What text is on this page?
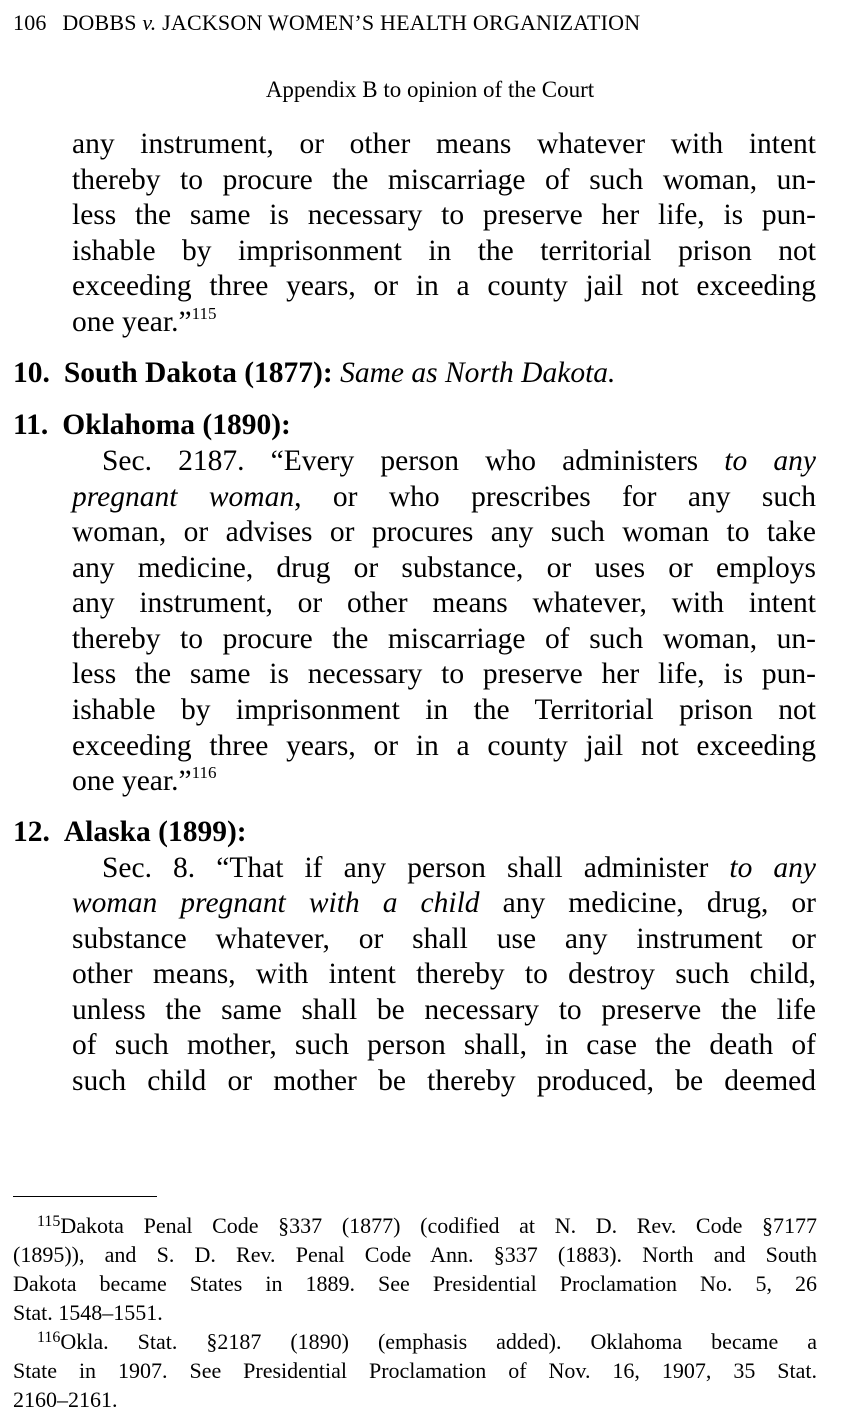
106 DOBBS v. JACKSON WOMEN’S HEALTH ORGANIZATION
Appendix B to opinion of the Court
any instrument, or other means whatever with intent
thereby to procure the miscarriage of such woman, un-
less the same is necessary to preserve her life, is pun-
ishable by imprisonment in the territorial prison not
exceeding three years, or in a county jail not exceeding
one year.”$^{115}$
10. South Dakota (1877): Same as North Dakota.
11. Oklahoma (1890):
Sec. 2187. “Every person who administers to any
pregnant woman, or who prescribes for any such
woman, or advises or procures any such woman to take
any medicine, drug or substance, or uses or employs
any instrument, or other means whatever, with intent
thereby to procure the miscarriage of such woman, un-
less the same is necessary to preserve her life, is pun-
ishable by imprisonment in the Territorial prison not
exceeding three years, or in a county jail not exceeding
one year.”$^{116}$
12. Alaska (1899):
Sec. 8. “That if any person shall administer to any
woman pregnant with a child any medicine, drug, or
substance whatever, or shall use any instrument or
other means, with intent thereby to destroy such child,
unless the same shall be necessary to preserve the life
of such mother, such person shall, in case the death of
such child or mother be thereby produced, be deemed
$^{115}$Dakota Penal Code §337 (1877) (codified at N. D. Rev. Code §7177
(1895)), and S. D. Rev. Penal Code Ann. §337 (1883). North and South
Dakota became States in 1889. See Presidential Proclamation No. 5, 26
Stat. 1548–1551.
$^{116}$Okla. Stat. §2187 (1890) (emphasis added). Oklahoma became a
State in 1907. See Presidential Proclamation of Nov. 16, 1907, 35 Stat.
2160–2161.
